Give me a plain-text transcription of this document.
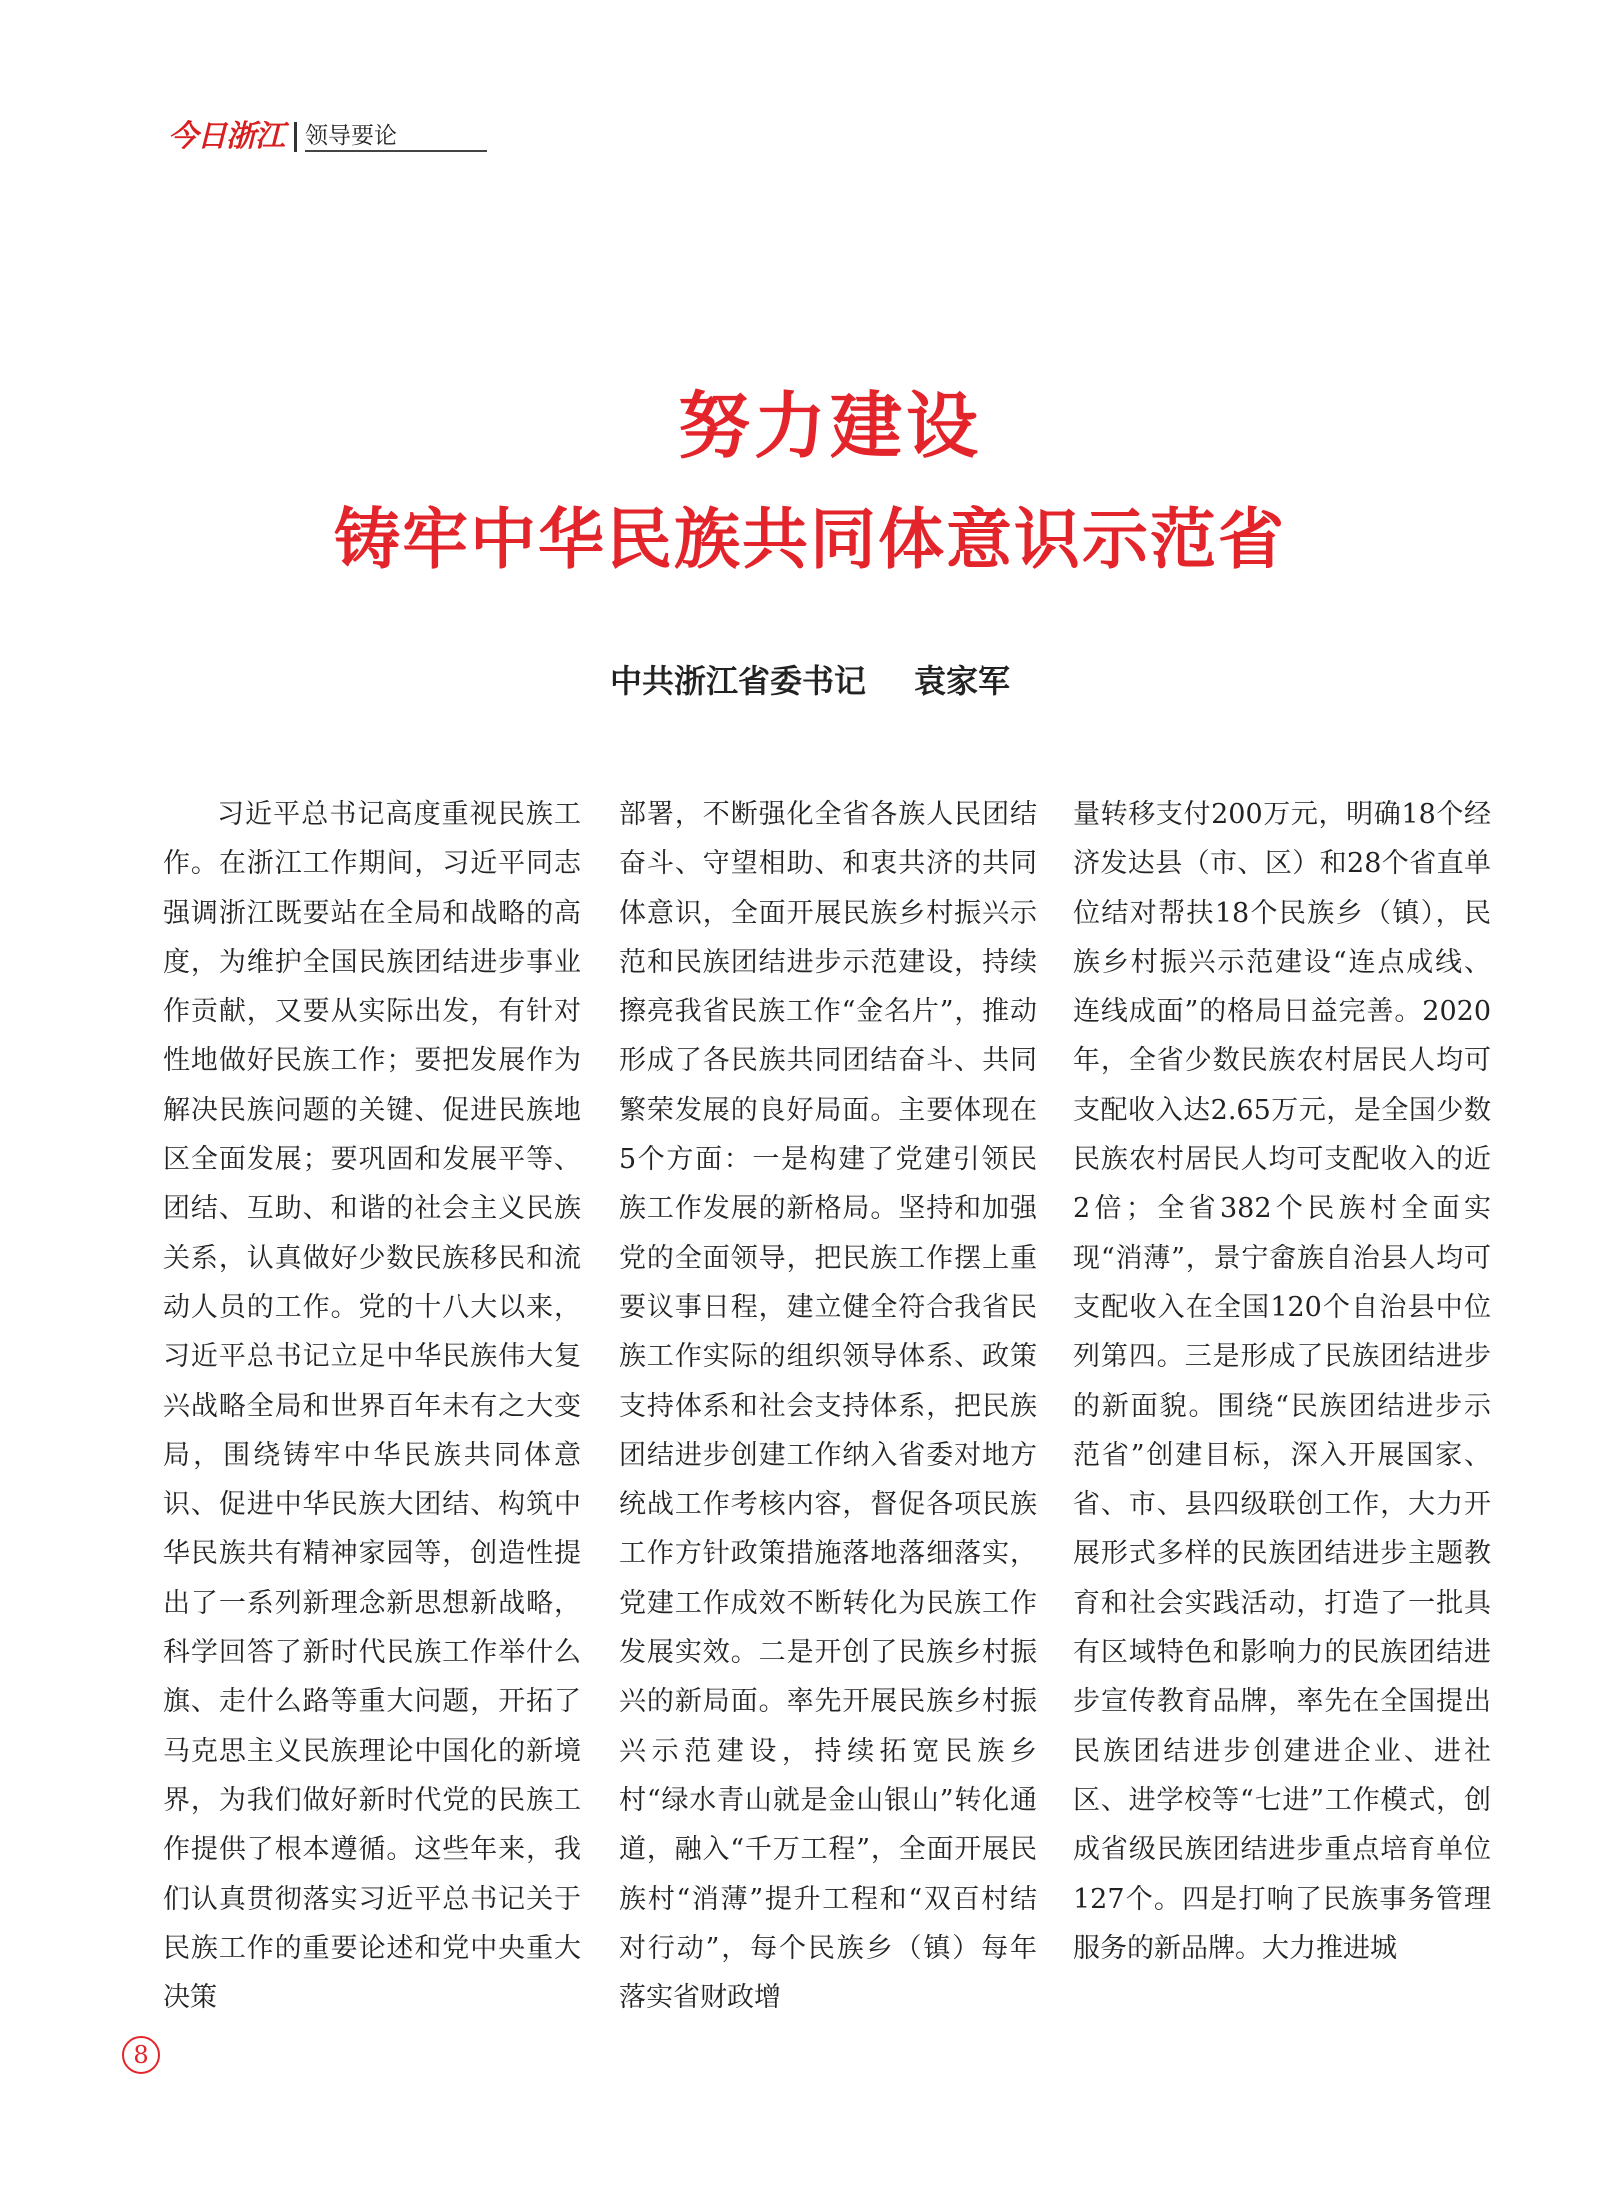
今日浙江 领导要论
努力建设
铸牢中华民族共同体意识示范省
中共浙江省委书记 袁家军

习近平总书记高度重视民族工作。在浙江工作期间，习近平同志强调浙江既要站在全局和战略的高度，为维护全国民族团结进步事业作贡献，又要从实际出发，有针对性地做好民族工作；要把发展作为解决民族问题的关键、促进民族地区全面发展；要巩固和发展平等、团结、互助、和谐的社会主义民族关系，认真做好少数民族移民和流动人员的工作。党的十八大以来，习近平总书记立足中华民族伟大复兴战略全局和世界百年未有之大变局，围绕铸牢中华民族共同体意识、促进中华民族大团结、构筑中华民族共有精神家园等，创造性提出了一系列新理念新思想新战略，科学回答了新时代民族工作举什么旗、走什么路等重大问题，开拓了马克思主义民族理论中国化的新境界，为我们做好新时代党的民族工作提供了根本遵循。这些年来，我们认真贯彻落实习近平总书记关于民族工作的重要论述和党中央重大决策

部署，不断强化全省各族人民团结奋斗、守望相助、和衷共济的共同体意识，全面开展民族乡村振兴示范和民族团结进步示范建设，持续擦亮我省民族工作“金名片”，推动形成了各民族共同团结奋斗、共同繁荣发展的良好局面。主要体现在5个方面：一是构建了党建引领民族工作发展的新格局。坚持和加强党的全面领导，把民族工作摆上重要议事日程，建立健全符合我省民族工作实际的组织领导体系、政策支持体系和社会支持体系，把民族团结进步创建工作纳入省委对地方统战工作考核内容，督促各项民族工作方针政策措施落地落细落实，党建工作成效不断转化为民族工作发展实效。二是开创了民族乡村振兴的新局面。率先开展民族乡村振兴示范建设，持续拓宽民族乡村“绿水青山就是金山银山”转化通道，融入“千万工程”，全面开展民族村“消薄”提升工程和“双百村结对行动”，每个民族乡（镇）每年落实省财政增

量转移支付200万元，明确18个经济发达县（市、区）和28个省直单位结对帮扶18个民族乡（镇），民族乡村振兴示范建设“连点成线、连线成面”的格局日益完善。2020年，全省少数民族农村居民人均可支配收入达2.65万元，是全国少数民族农村居民人均可支配收入的近2倍；全省382个民族村全面实现“消薄”，景宁畲族自治县人均可支配收入在全国120个自治县中位列第四。三是形成了民族团结进步的新面貌。围绕“民族团结进步示范省”创建目标，深入开展国家、省、市、县四级联创工作，大力开展形式多样的民族团结进步主题教育和社会实践活动，打造了一批具有区域特色和影响力的民族团结进步宣传教育品牌，率先在全国提出民族团结进步创建进企业、进社区、进学校等“七进”工作模式，创成省级民族团结进步重点培育单位127个。四是打响了民族事务管理服务的新品牌。大力推进城

8
